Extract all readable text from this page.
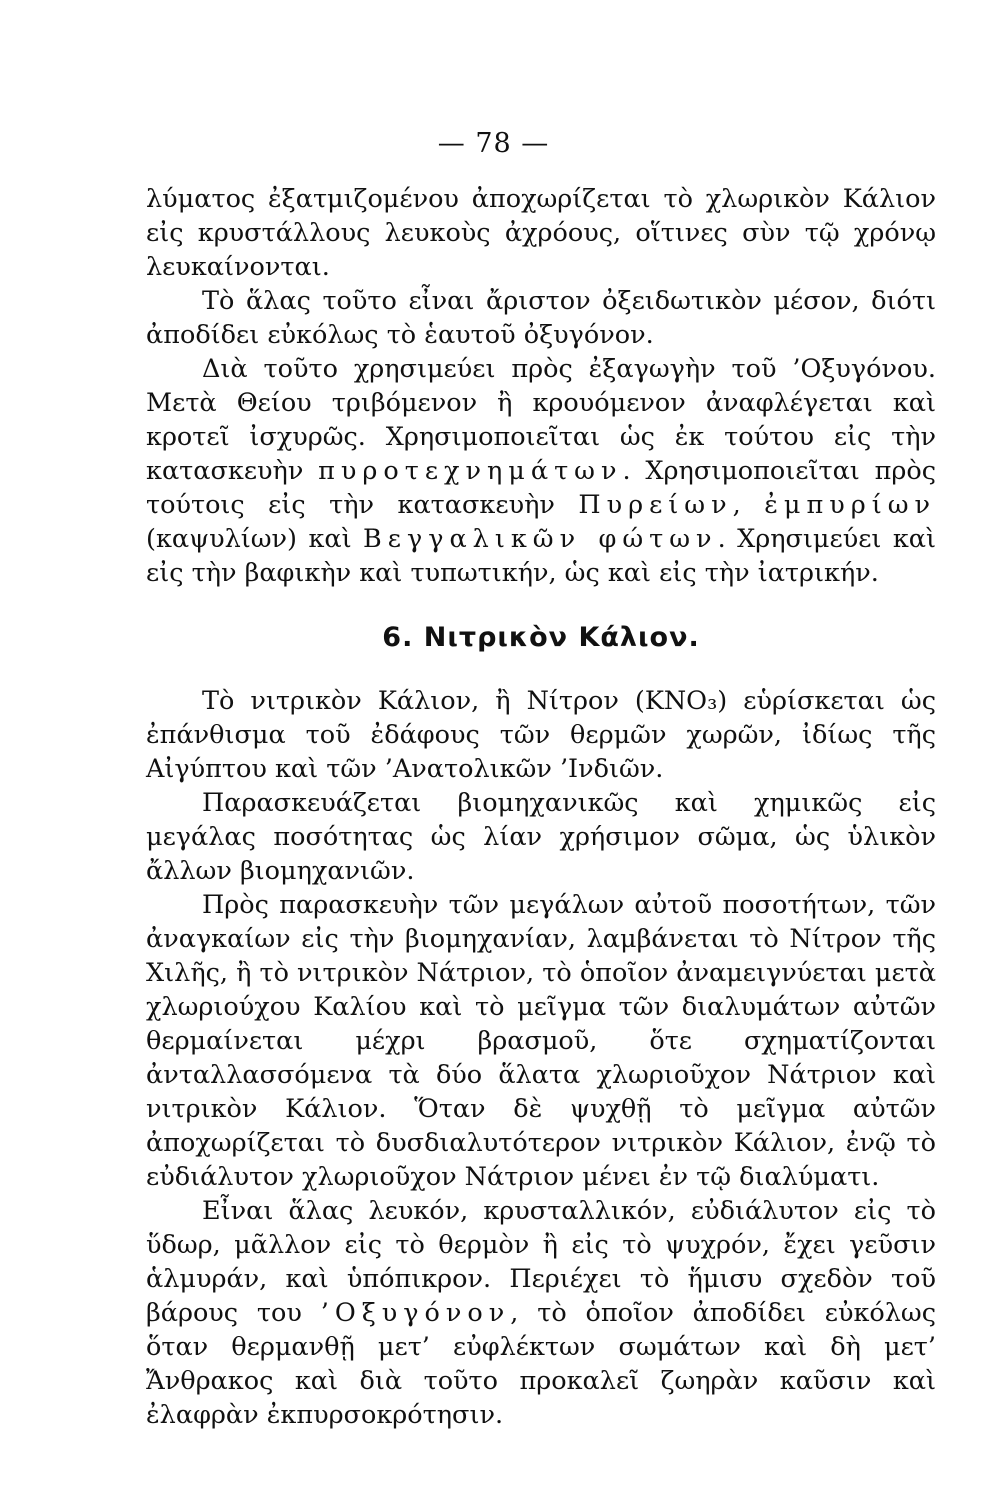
— 78 —

λύματος ἐξατμιζομένου ἀποχωρίζεται τὸ χλωρικὸν Κάλιον εἰς κρυστάλλους λευκοὺς ἀχρόους, οἵτινες σὺν τῷ χρόνῳ λευκαίνονται.

Τὸ ἅλας τοῦτο εἶναι ἄριστον ὀξειδωτικὸν μέσον, διότι ἀποδίδει εὐκόλως τὸ ἑαυτοῦ ὀξυγόνον.

Διὰ τοῦτο χρησιμεύει πρὸς ἐξαγωγὴν τοῦ ’Οξυγόνου. Μετὰ Θείου τριβόμενον ἢ κρουόμενον ἀναφλέγεται καὶ κροτεῖ ἰσχυρῶς. Χρησιμοποιεῖται ὡς ἐκ τούτου εἰς τὴν κατασκευὴν πυροτεχνημάτων. Χρησιμοποιεῖται πρὸς τούτοις εἰς τὴν κατασκευὴν Πυρείων, ἐμπυρίων (καψυλίων) καὶ Βεγγαλικῶν φώτων. Χρησιμεύει καὶ εἰς τὴν βαφικὴν καὶ τυπωτικήν, ὡς καὶ εἰς τὴν ἰατρικήν.

6. Νιτρικὸν Κάλιον.

Τὸ νιτρικὸν Κάλιον, ἢ Νίτρον (KNO₃) εὑρίσκεται ὡς ἐπάνθισμα τοῦ ἐδάφους τῶν θερμῶν χωρῶν, ἰδίως τῆς Αἰγύπτου καὶ τῶν ’Ανατολικῶν ’Ινδιῶν.

Παρασκευάζεται βιομηχανικῶς καὶ χημικῶς εἰς μεγάλας ποσότητας ὡς λίαν χρήσιμον σῶμα, ὡς ὑλικὸν ἄλλων βιομηχανιῶν.

Πρὸς παρασκευὴν τῶν μεγάλων αὐτοῦ ποσοτήτων, τῶν ἀναγκαίων εἰς τὴν βιομηχανίαν, λαμβάνεται τὸ Νίτρον τῆς Χιλῆς, ἢ τὸ νιτρικὸν Νάτριον, τὸ ὁποῖον ἀναμειγνύεται μετὰ χλωριούχου Καλίου καὶ τὸ μεῖγμα τῶν διαλυμάτων αὐτῶν θερμαίνεται μέχρι βρασμοῦ, ὅτε σχηματίζονται ἀνταλλασσόμενα τὰ δύο ἅλατα χλωριοῦχον Νάτριον καὶ νιτρικὸν Κάλιον. Ὅταν δὲ ψυχθῇ τὸ μεῖγμα αὐτῶν ἀποχωρίζεται τὸ δυσδιαλυτότερον νιτρικὸν Κάλιον, ἐνῷ τὸ εὐδιάλυτον χλωριοῦχον Νάτριον μένει ἐν τῷ διαλύματι.

Εἶναι ἅλας λευκόν, κρυσταλλικόν, εὐδιάλυτον εἰς τὸ ὕδωρ, μᾶλλον εἰς τὸ θερμὸν ἢ εἰς τὸ ψυχρόν, ἔχει γεῦσιν ἁλμυράν, καὶ ὑπόπικρον. Περιέχει τὸ ἥμισυ σχεδὸν τοῦ βάρους του ’Οξυγόνον, τὸ ὁποῖον ἀποδίδει εὐκόλως ὅταν θερμανθῇ μετ’ εὐφλέκτων σωμάτων καὶ δὴ μετ’ Ἄνθρακος καὶ διὰ τοῦτο προκαλεῖ ζωηρὰν καῦσιν καὶ ἐλαφρὰν ἐκπυρσοκρότησιν.
